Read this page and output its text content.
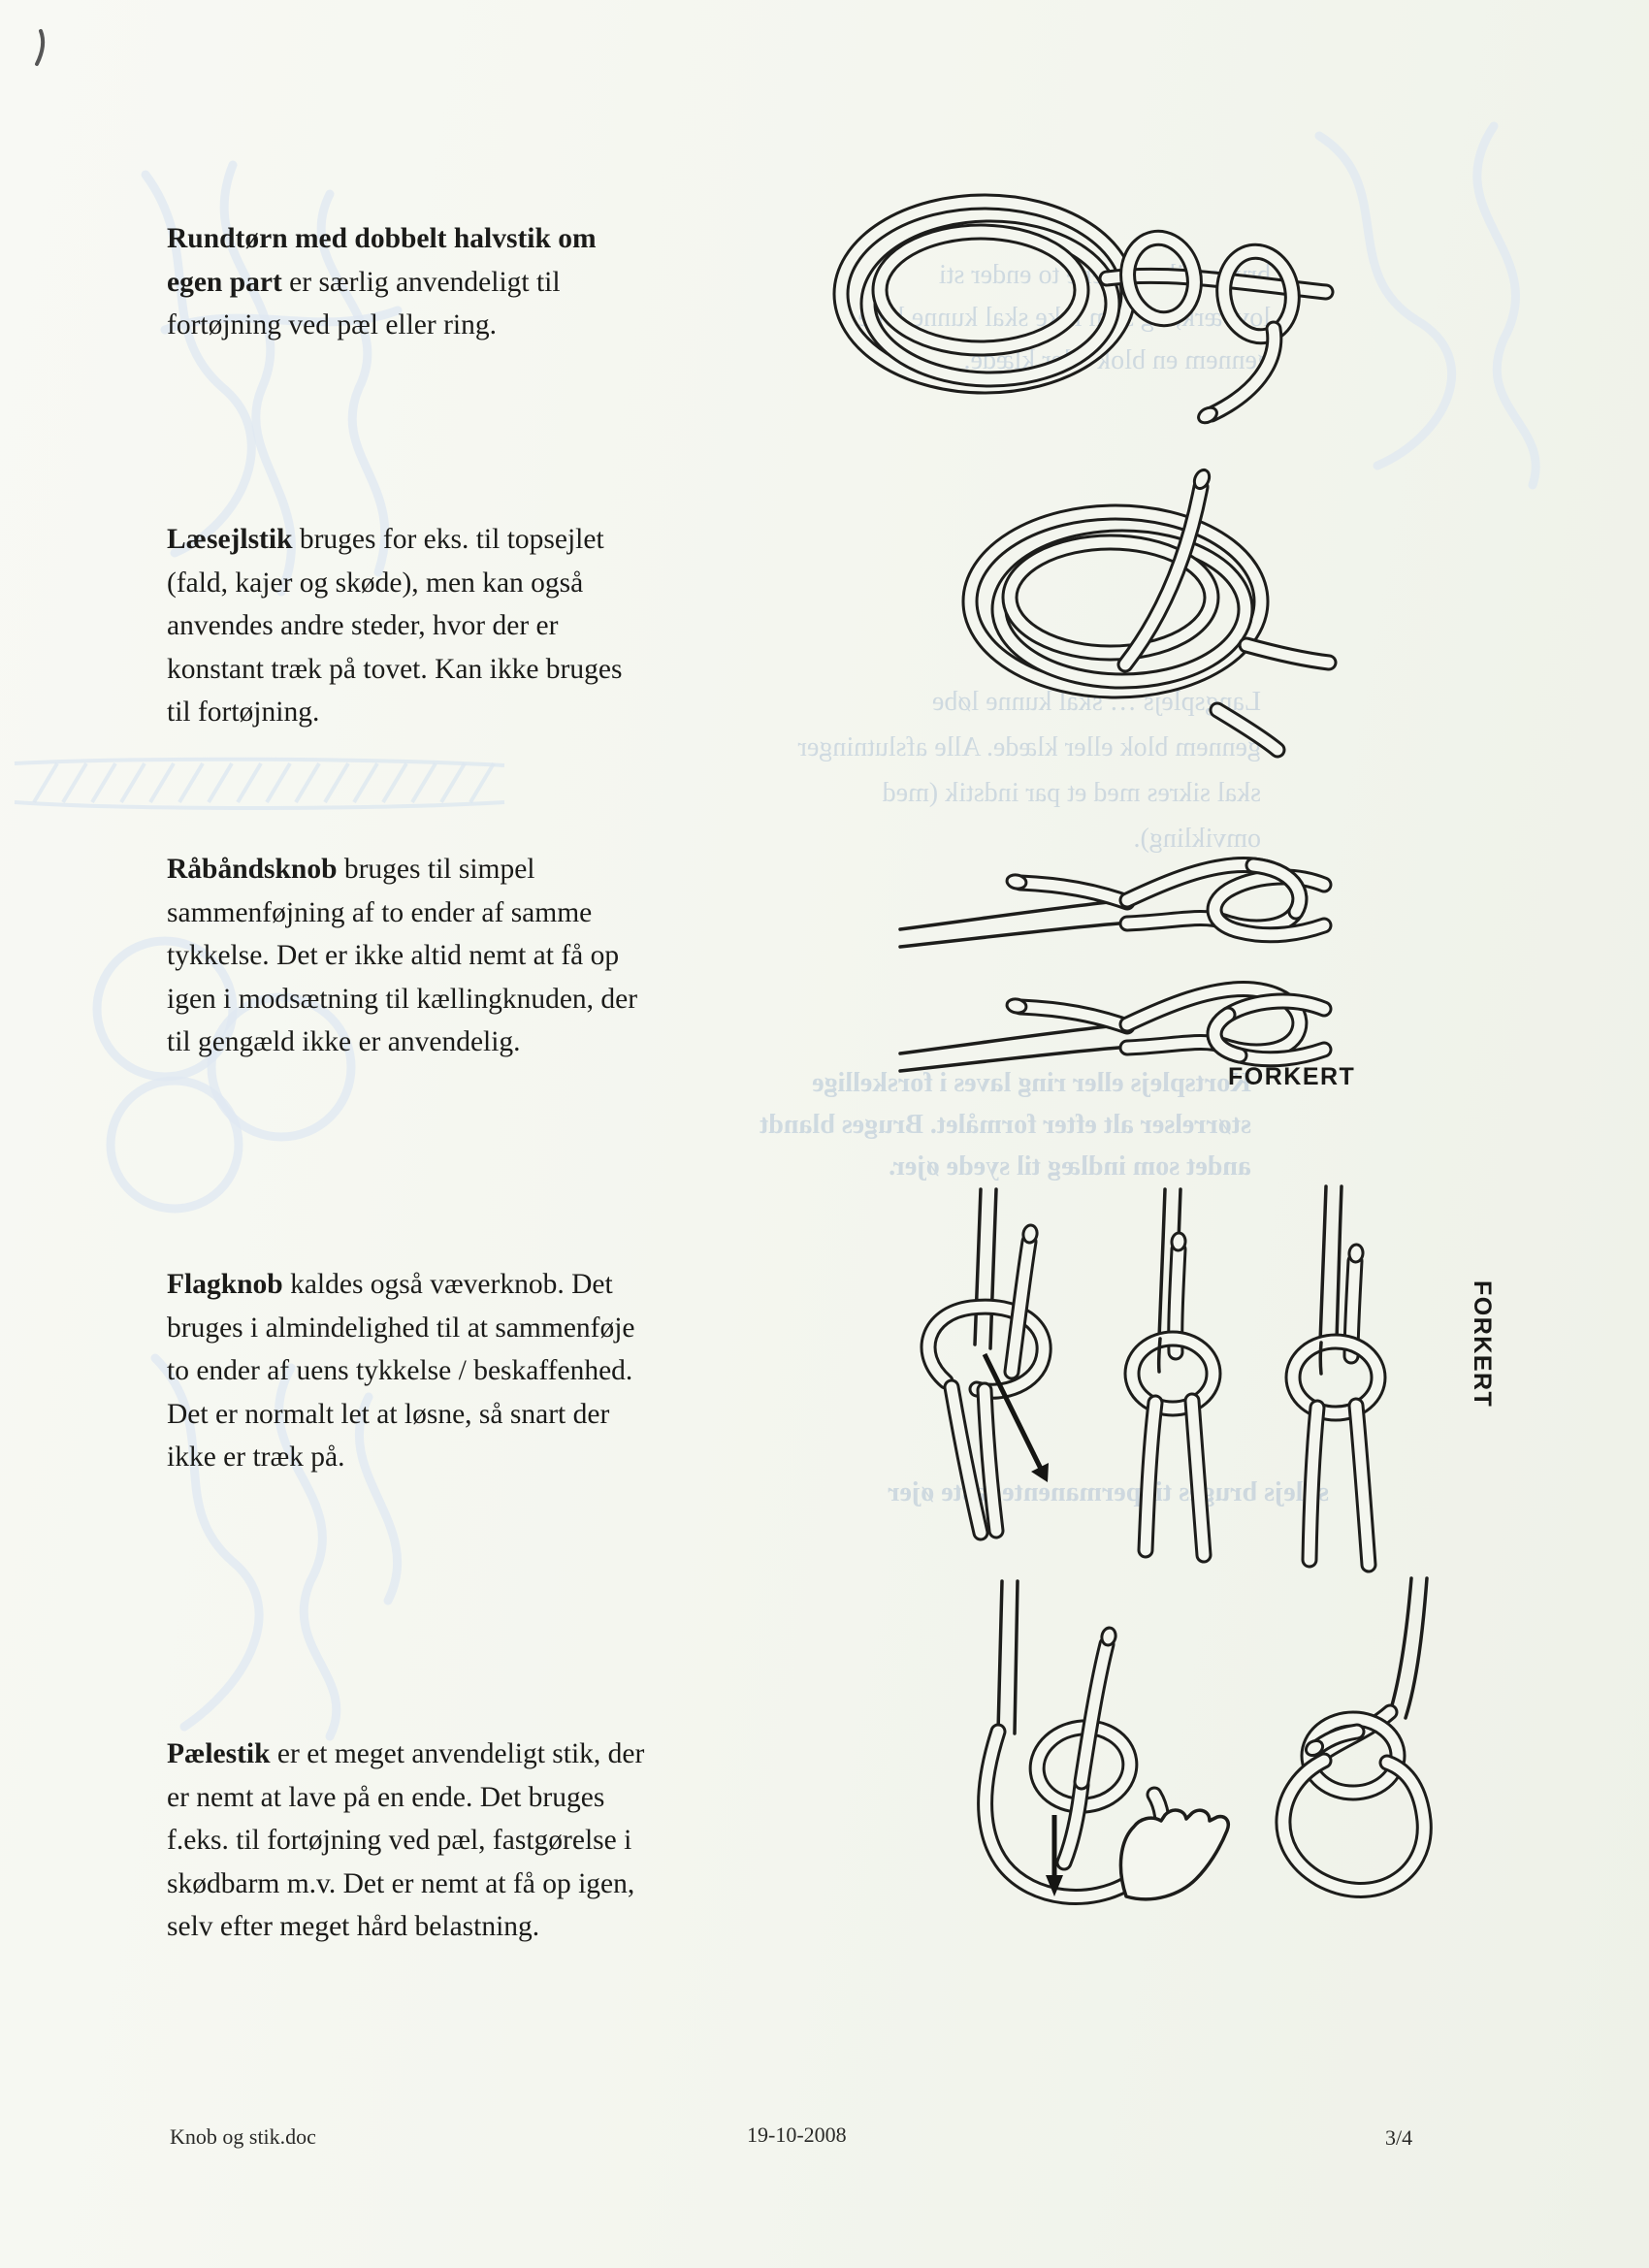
bruges til at forene to ender sti
lovværk, og som ikke skal kunne løbe
gennem en blok eller klæde.
Langsplejs … skal kunne løbe
gennem blok eller klæde. Alle afslutninger
skal sikres med et par indstik (med
omvikling).
Kortsplejs eller ring laves i forskellige
størrelser alt efter formålet. Bruges blandt
andet som indlæg til syede øjer.
splejs bruges til permanente faste øjer

Rundtørn med dobbelt halvstik om egen part er særlig anvendeligt til fortøjning ved pæl eller ring.

Læsejlstik bruges for eks. til topsejlet (fald, kajer og skøde), men kan også anvendes andre steder, hvor der er konstant træk på tovet. Kan ikke bruges til fortøjning.

Råbåndsknob bruges til simpel sammenføjning af to ender af samme tykkelse. Det er ikke altid nemt at få op igen i modsætning til kællingknuden, der til gengæld ikke er anvendelig.

Flagknob kaldes også væverknob. Det bruges i almindelighed til at sammenføje to ender af uens tykkelse / beskaffenhed. Det er normalt let at løsne, så snart der ikke er træk på.

Pælestik er et meget anvendeligt stik, der er nemt at lave på en ende. Det bruges f.eks. til fortøjning ved pæl, fastgørelse i skødbarm m.v. Det er nemt at få op igen, selv efter meget hård belastning.

FORKERT
FORKERT
Knob og stik.doc	19-10-2008	3/4
